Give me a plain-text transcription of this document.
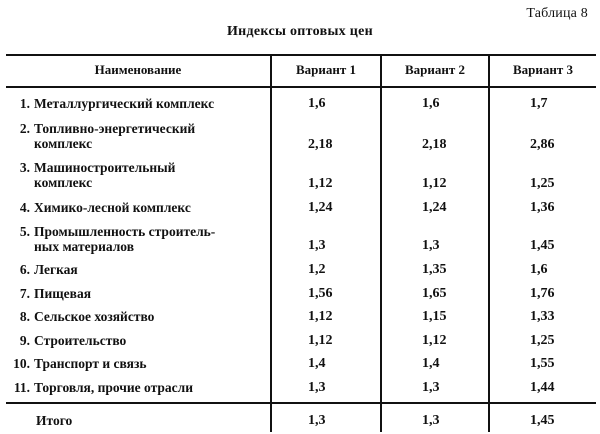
Таблица 8
Индексы оптовых цен
Наименование	Вариант 1	Вариант 2	Вариант 3
1. Металлургический комплекс	1,6	1,6	1,7
2. Топливно-энергетический
комплекс	2,18	2,18	2,86
3. Машиностроительный
комплекс	1,12	1,12	1,25
4. Химико-лесной комплекс	1,24	1,24	1,36
5. Промышленность строитель-
ных материалов	1,3	1,3	1,45
6. Легкая	1,2	1,35	1,6
7. Пищевая	1,56	1,65	1,76
8. Сельское хозяйство	1,12	1,15	1,33
9. Строительство	1,12	1,12	1,25
10. Транспорт и связь	1,4	1,4	1,55
11. Торговля, прочие отрасли	1,3	1,3	1,44
Итого	1,3	1,3	1,45
